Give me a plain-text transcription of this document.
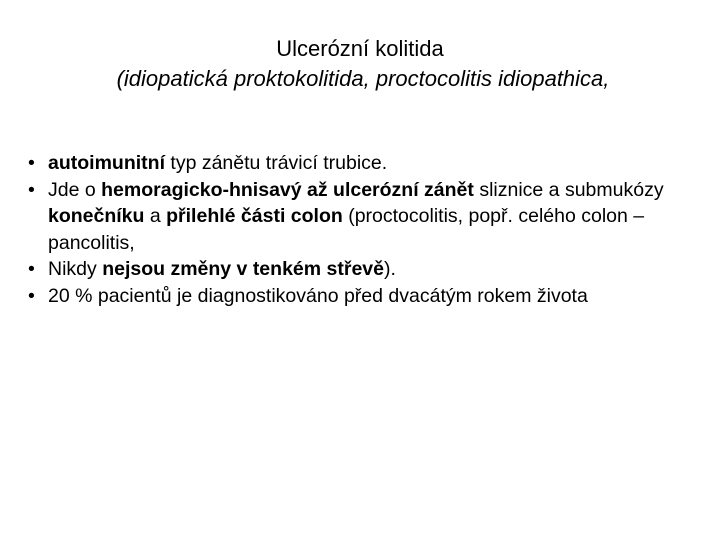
Ulcerózní kolitida
(idiopatická proktokolitida, proctocolitis idiopathica,
• autoimunitní typ zánětu trávicí trubice.
• Jde o hemoragicko-hnisavý až ulcerózní zánět sliznice a submukózy konečníku a přilehlé části colon (proctocolitis, popř. celého colon – pancolitis,
• Nikdy nejsou změny v tenkém střevě).
• 20 % pacientů je diagnostikováno před dvacátým rokem života
